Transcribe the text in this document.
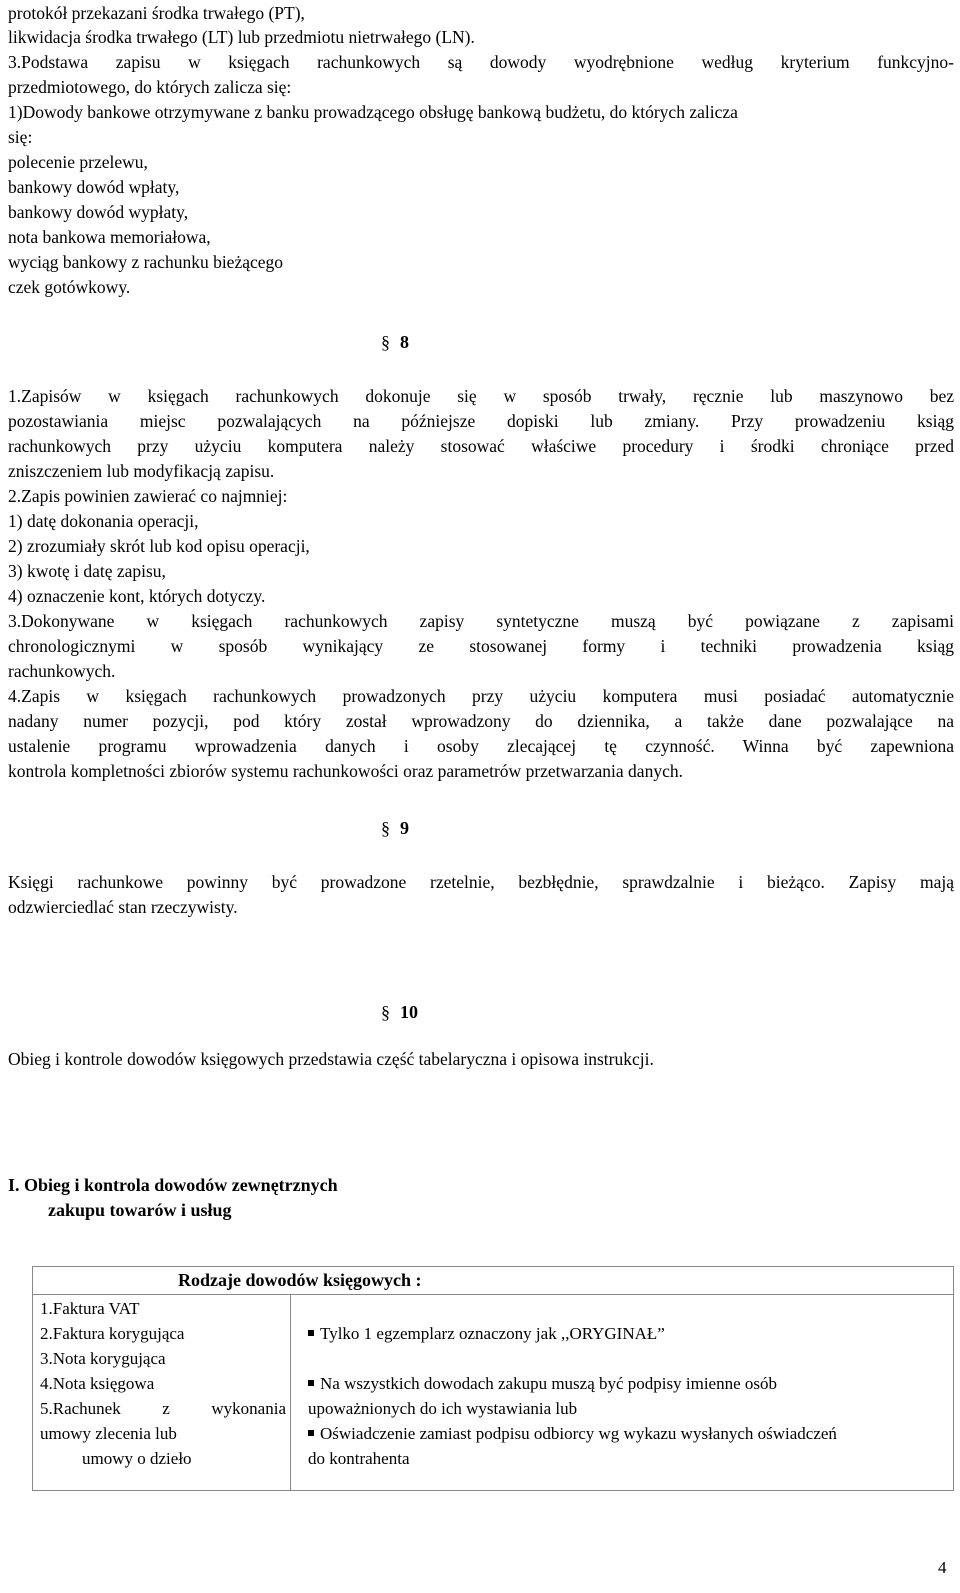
protokół przekazani środka trwałego (PT),
likwidacja środka trwałego (LT) lub przedmiotu nietrwałego (LN).
3.Podstawa zapisu w księgach rachunkowych są dowody wyodrębnione według kryterium funkcyjno-
przedmiotowego, do których zalicza się:
1)Dowody bankowe otrzymywane z banku prowadzącego obsługę bankową budżetu, do których zalicza
się:
polecenie przelewu,
bankowy dowód wpłaty,
bankowy dowód wypłaty,
nota bankowa memoriałowa,
wyciąg bankowy z rachunku bieżącego
czek gotówkowy.
§ 8
1.Zapisów w księgach rachunkowych dokonuje się w sposób trwały, ręcznie lub maszynowo bez
pozostawiania miejsc pozwalających na późniejsze dopiski lub zmiany. Przy prowadzeniu ksiąg
rachunkowych przy użyciu komputera należy stosować właściwe procedury i środki chroniące przed
zniszczeniem lub modyfikacją zapisu.
2.Zapis powinien zawierać co najmniej:
1) datę dokonania operacji,
2) zrozumiały skrót lub kod opisu operacji,
3) kwotę i datę zapisu,
4) oznaczenie kont, których dotyczy.
3.Dokonywane w księgach rachunkowych zapisy syntetyczne muszą być powiązane z zapisami
chronologicznymi w sposób wynikający ze stosowanej formy i techniki prowadzenia ksiąg
rachunkowych.
4.Zapis w księgach rachunkowych prowadzonych przy użyciu komputera musi posiadać automatycznie
nadany numer pozycji, pod który został wprowadzony do dziennika, a także dane pozwalające na
ustalenie programu wprowadzenia danych i osoby zlecającej tę czynność. Winna być zapewniona
kontrola kompletności zbiorów systemu rachunkowości oraz parametrów przetwarzania danych.
§ 9
Księgi rachunkowe powinny być prowadzone rzetelnie, bezbłędnie, sprawdzalnie i bieżąco. Zapisy mają
odzwierciedlać stan rzeczywisty.
§ 10
Obieg i kontrole dowodów księgowych przedstawia część tabelaryczna i opisowa instrukcji.
I. Obieg i kontrola dowodów zewnętrznych
zakupu towarów i usług
Rodzaje dowodów księgowych :
1.Faktura VAT
2.Faktura korygująca
3.Nota korygująca
4.Nota księgowa
5.Rachunek z wykonania
umowy zlecenia lub
umowy o dzieło
Tylko 1 egzemplarz oznaczony jak ,,ORYGINAŁ”
Na wszystkich dowodach zakupu muszą być podpisy imienne osób
upoważnionych do ich wystawiania lub
Oświadczenie zamiast podpisu odbiorcy wg wykazu wysłanych oświadczeń
do kontrahenta
4
